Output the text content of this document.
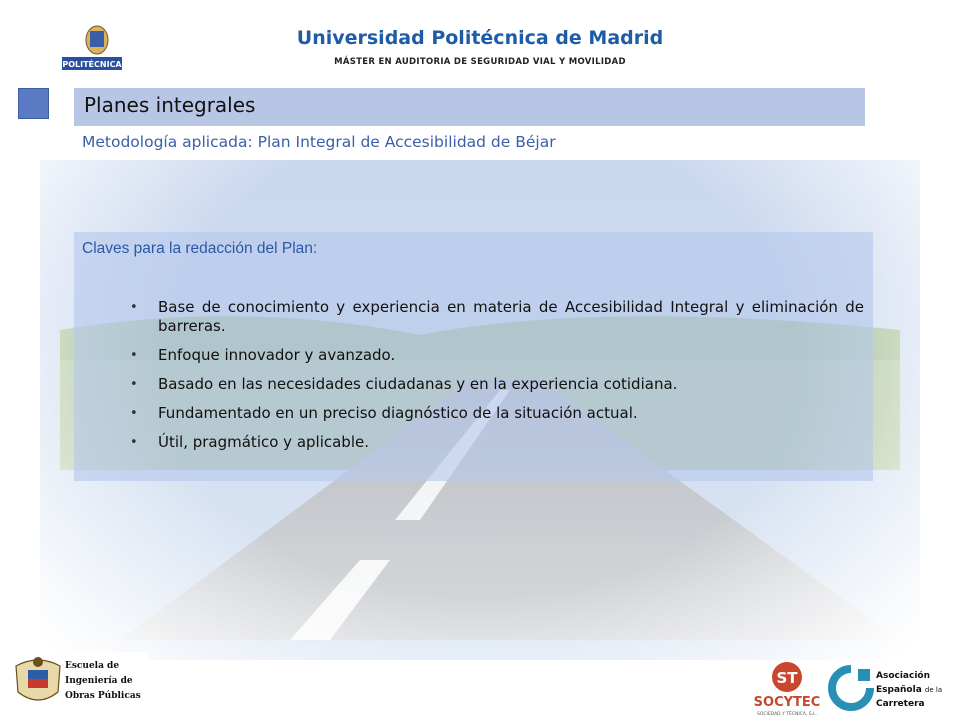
POLITÉCNICA
Universidad Politécnica de Madrid
MÁSTER EN AUDITORIA DE SEGURIDAD VIAL Y MOVILIDAD
Planes integrales
Metodología aplicada: Plan Integral de Accesibilidad de Béjar
Claves para la redacción del Plan:
• Base de conocimiento y experiencia en materia de Accesibilidad Integral y eliminación de barreras.
• Enfoque innovador y avanzado.
• Basado en las necesidades ciudadanas y en la experiencia cotidiana.
• Fundamentado en un preciso diagnóstico de la situación actual.
• Útil, pragmático y aplicable.
Escuela de
Ingeniería de
Obras Públicas
ST
SOCYTEC
SOCIEDAD Y TÉCNICA, S.L.
Asociación
Española de la
Carretera
